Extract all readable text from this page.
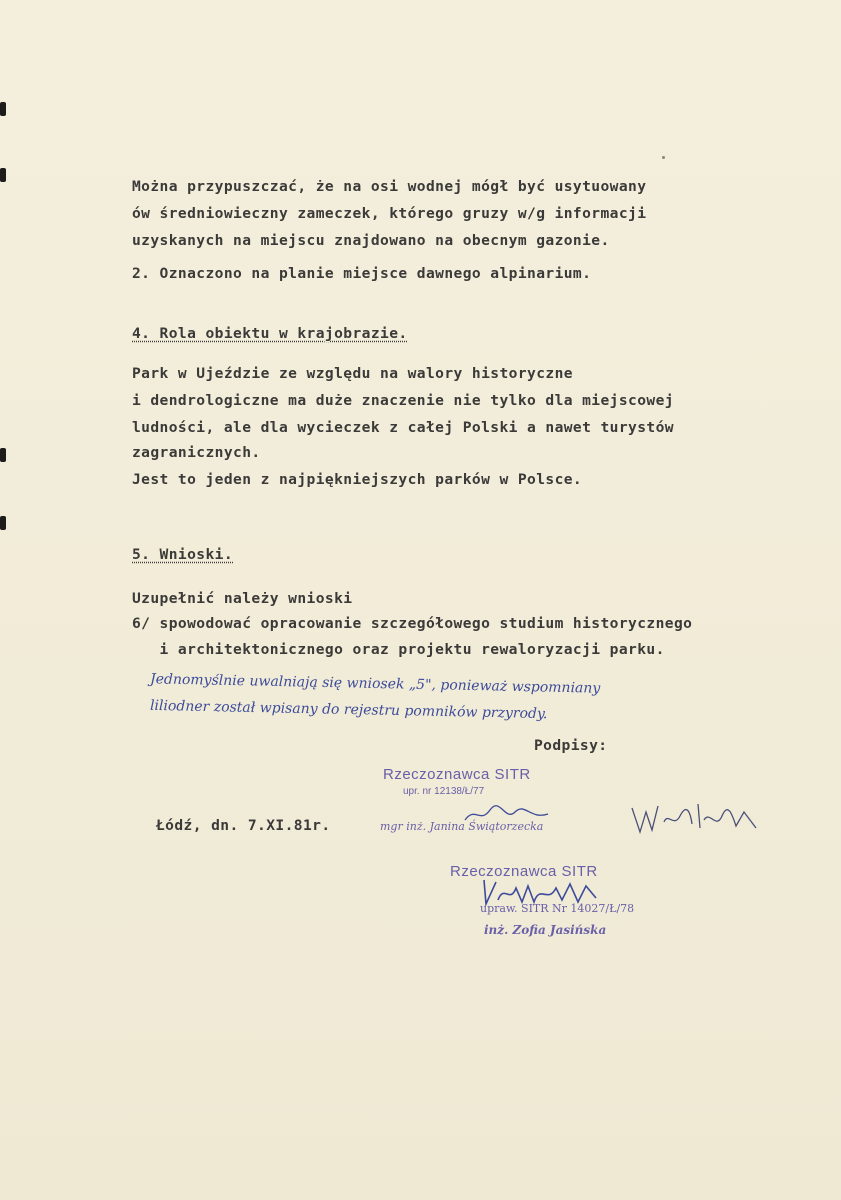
Można przypuszczać, że na osi wodnej mógł być usytuowany
ów średniowieczny zameczek, którego gruzy w/g informacji
uzyskanych na miejscu znajdowano na obecnym gazonie.
2. Oznaczono na planie miejsce dawnego alpinarium.
4. Rola obiektu w krajobrazie.
Park w Ujeździe ze względu na walory historyczne
i dendrologiczne ma duże znaczenie nie tylko dla miejscowej
ludności, ale dla wycieczek z całej Polski a nawet turystów
zagranicznych.
Jest to jeden z najpiękniejszych parków w Polsce.
5. Wnioski.
Uzupełnić należy wnioski
6/ spowodować opracowanie szczegółowego studium historycznego
i architektonicznego oraz projektu rewaloryzacji parku.
Jednomyślnie uwalniają się wniosek „5", ponieważ wspomniany
liliodner został wpisany do rejestru pomników przyrody.
Podpisy:
Rzeczoznawca SITR
upr. nr 12138/Ł/77
mgr inż. Janina Świątorzecka
Łódź, dn. 7.XI.81r.
Rzeczoznawca SITR
upraw. SITR Nr 14027/Ł/78
inż. Zofia Jasińska
